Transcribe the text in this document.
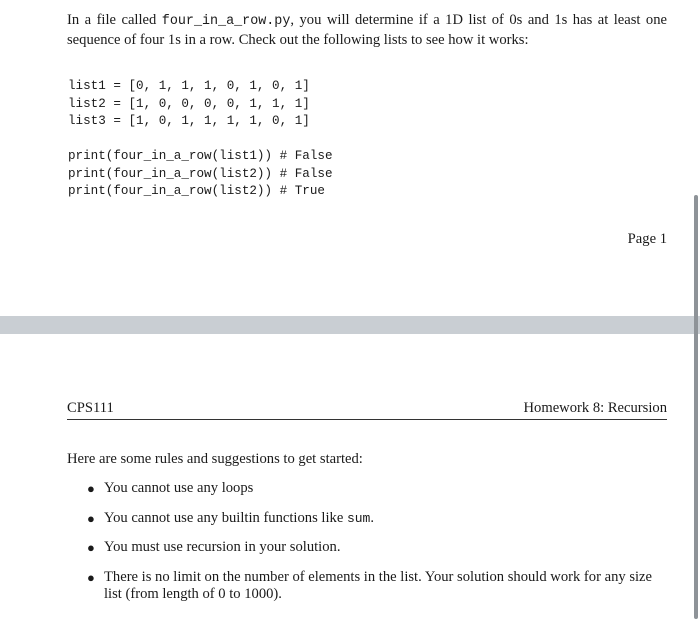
In a file called four_in_a_row.py, you will determine if a 1D list of 0s and 1s has at least one sequence of four 1s in a row. Check out the following lists to see how it works:

list1 = [0, 1, 1, 1, 0, 1, 0, 1]
list2 = [1, 0, 0, 0, 0, 1, 1, 1]
list3 = [1, 0, 1, 1, 1, 1, 0, 1]
print(four_in_a_row(list1)) # False
print(four_in_a_row(list2)) # False
print(four_in_a_row(list2)) # True
Page 1
CPS111	Homework 8: Recursion

Here are some rules and suggestions to get started:

● You cannot use any loops
● You cannot use any builtin functions like sum.
● You must use recursion in your solution.
● There is no limit on the number of elements in the list. Your solution should work for any size list (from length of 0 to 1000).
